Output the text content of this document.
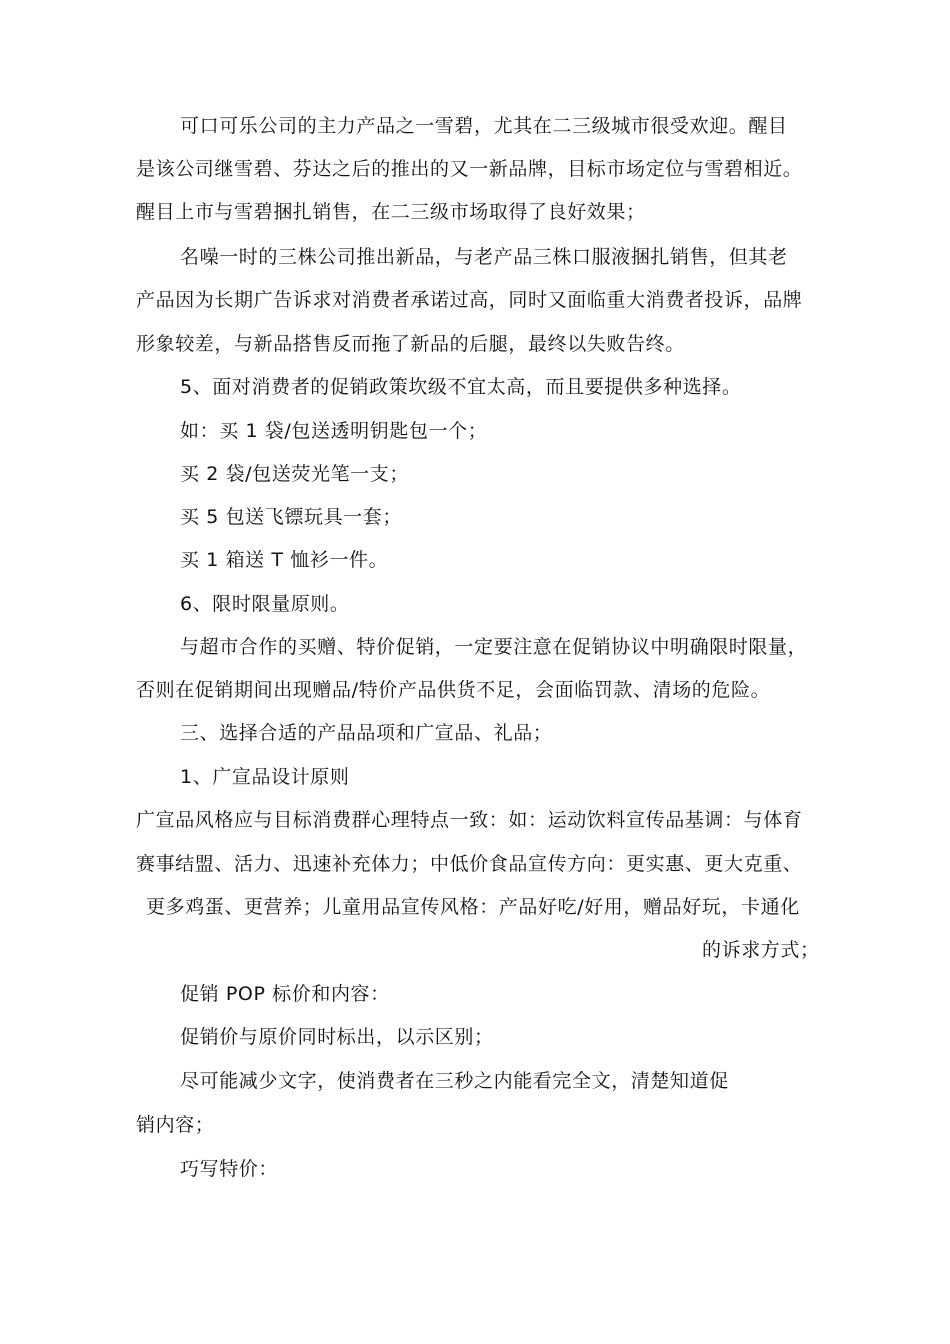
可口可乐公司的主力产品之一雪碧，尤其在二三级城市很受欢迎。醒目
是该公司继雪碧、芬达之后的推出的又一新品牌，目标市场定位与雪碧相近。
醒目上市与雪碧捆扎销售，在二三级市场取得了良好效果；
名噪一时的三株公司推出新品，与老产品三株口服液捆扎销售，但其老
产品因为长期广告诉求对消费者承诺过高，同时又面临重大消费者投诉，品牌
形象较差，与新品搭售反而拖了新品的后腿，最终以失败告终。
5、面对消费者的促销政策坎级不宜太高，而且要提供多种选择。
如：买 1 袋/包送透明钥匙包一个；
买 2 袋/包送荧光笔一支；
买 5 包送飞镖玩具一套；
买 1 箱送 T 恤衫一件。
6、限时限量原则。
与超市合作的买赠、特价促销，一定要注意在促销协议中明确限时限量，
否则在促销期间出现赠品/特价产品供货不足，会面临罚款、清场的危险。
三、选择合适的产品品项和广宣品、礼品；
1、广宣品设计原则
广宣品风格应与目标消费群心理特点一致：如：运动饮料宣传品基调：与体育
赛事结盟、活力、迅速补充体力；中低价食品宣传方向：更实惠、更大克重、
更多鸡蛋、更营养；儿童用品宣传风格：产品好吃/好用，赠品好玩，卡通化
的诉求方式；
促销 POP 标价和内容：
促销价与原价同时标出，以示区别；
尽可能减少文字，使消费者在三秒之内能看完全文，清楚知道促
销内容；
巧写特价：
